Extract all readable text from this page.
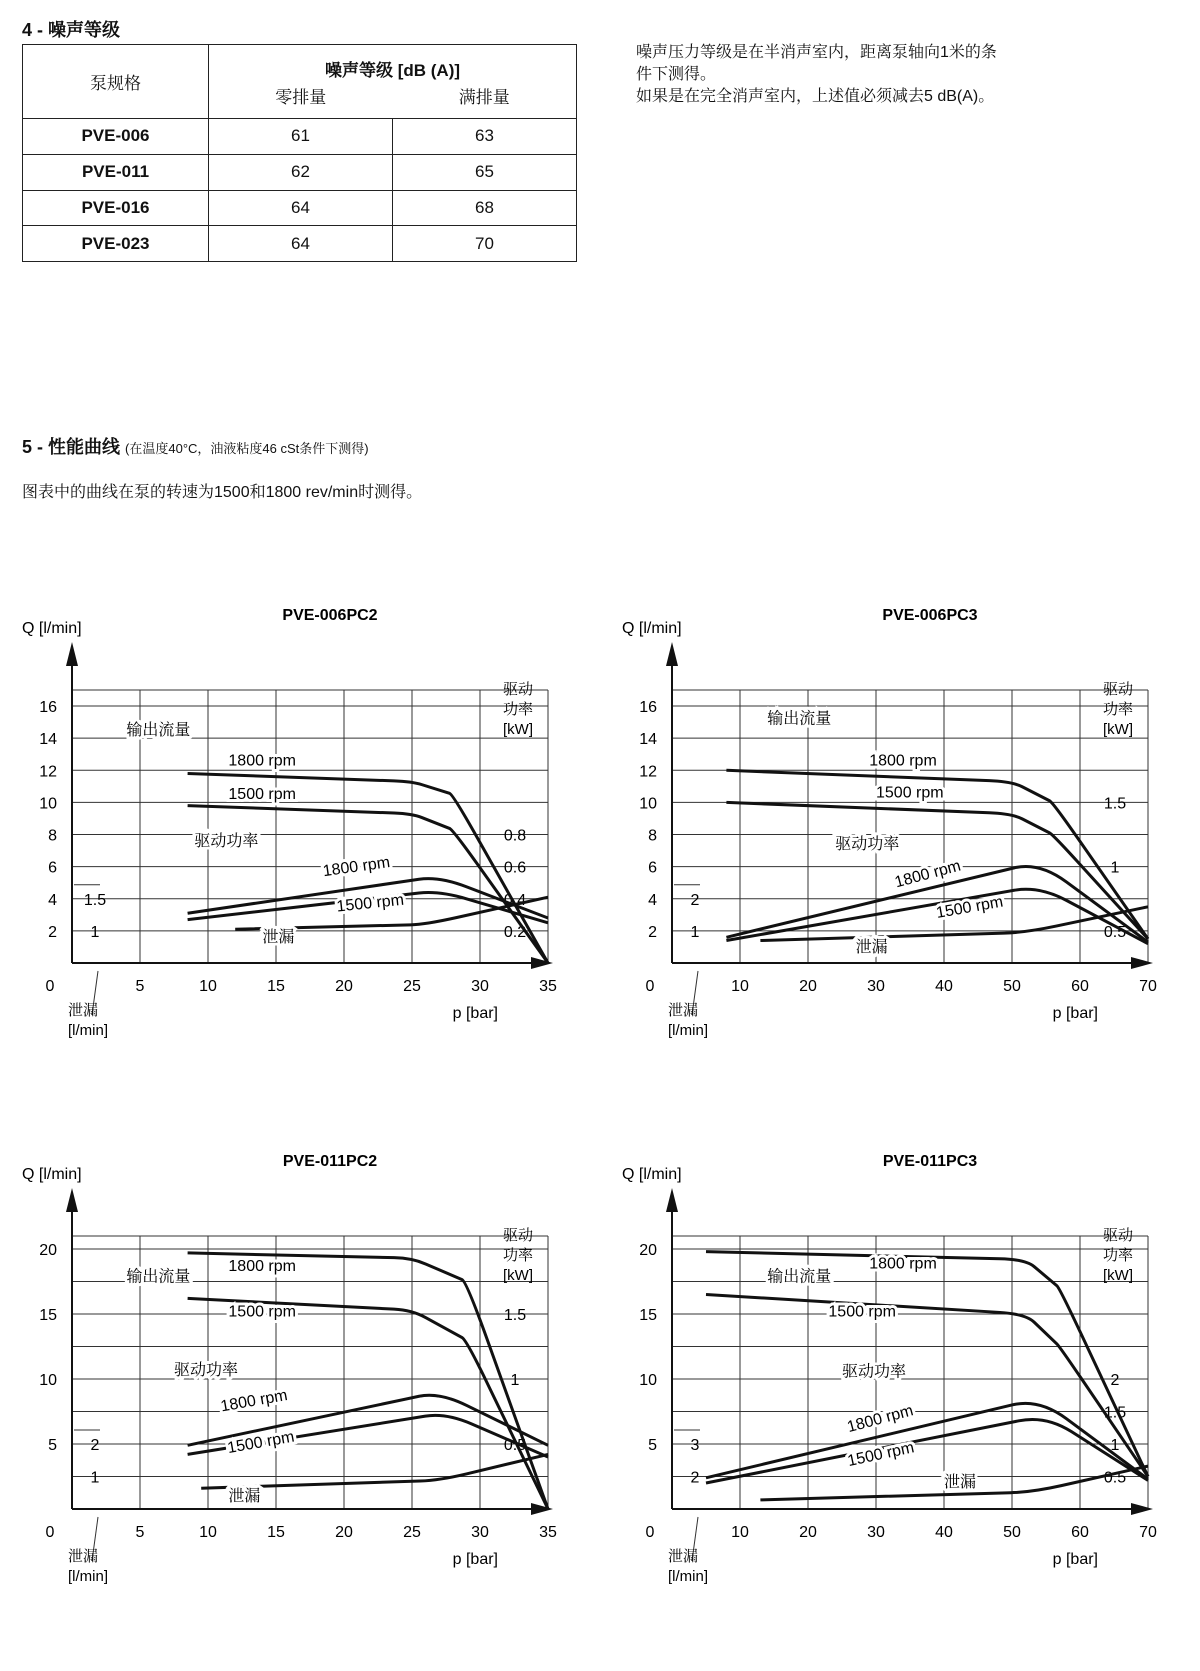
4 - 噪声等级
泵规格	噪声等级 [dB (A)]
零排量 满排量	

PVE-006	61	63
PVE-011	62	65
PVE-016	64	68
PVE-023	64	70
噪声压力等级是在半消声室内，距离泵轴向1米的条
件下测得。
如果是在完全消声室内，上述值必须减去5 dB(A)。
5 - 性能曲线 (在温度40°C，油液粘度46 cSt条件下测得)
图表中的曲线在泵的转速为1500和1800 rev/min时测得。
PVE-006PC2
Q [l/min]
0	5	10	15	20	25	30	35
2
4
6
8
10
12
14
16
0.2
0.4
0.6
0.8
1
1.5
驱动
功率
[kW]
泄漏
[l/min]
p [bar]
输出流量
1800 rpm
1500 rpm
驱动功率
1800 rpm
1500 rpm
泄漏
PVE-006PC3
Q [l/min]
0	10	20	30	40	50	60	70
2
4
6
8
10
12
14
16
0.5
1
1.5
1
2
驱动
功率
[kW]
泄漏
[l/min]
p [bar]
输出流量
1800 rpm
1500 rpm
驱动功率
1800 rpm
1500 rpm
泄漏
PVE-011PC2
Q [l/min]
0	5	10	15	20	25	30	35
5
10
15
20
0.5
1
1.5
1
2
驱动
功率
[kW]
泄漏
[l/min]
p [bar]
输出流量
1800 rpm
1500 rpm
驱动功率
1800 rpm
1500 rpm
泄漏
PVE-011PC3
Q [l/min]
0	10	20	30	40	50	60	70
5
10
15
20
0.5
1
1.5
2
2
3
驱动
功率
[kW]
泄漏
[l/min]
p [bar]
输出流量
1800 rpm
1500 rpm
驱动功率
1800 rpm
1500 rpm
泄漏
